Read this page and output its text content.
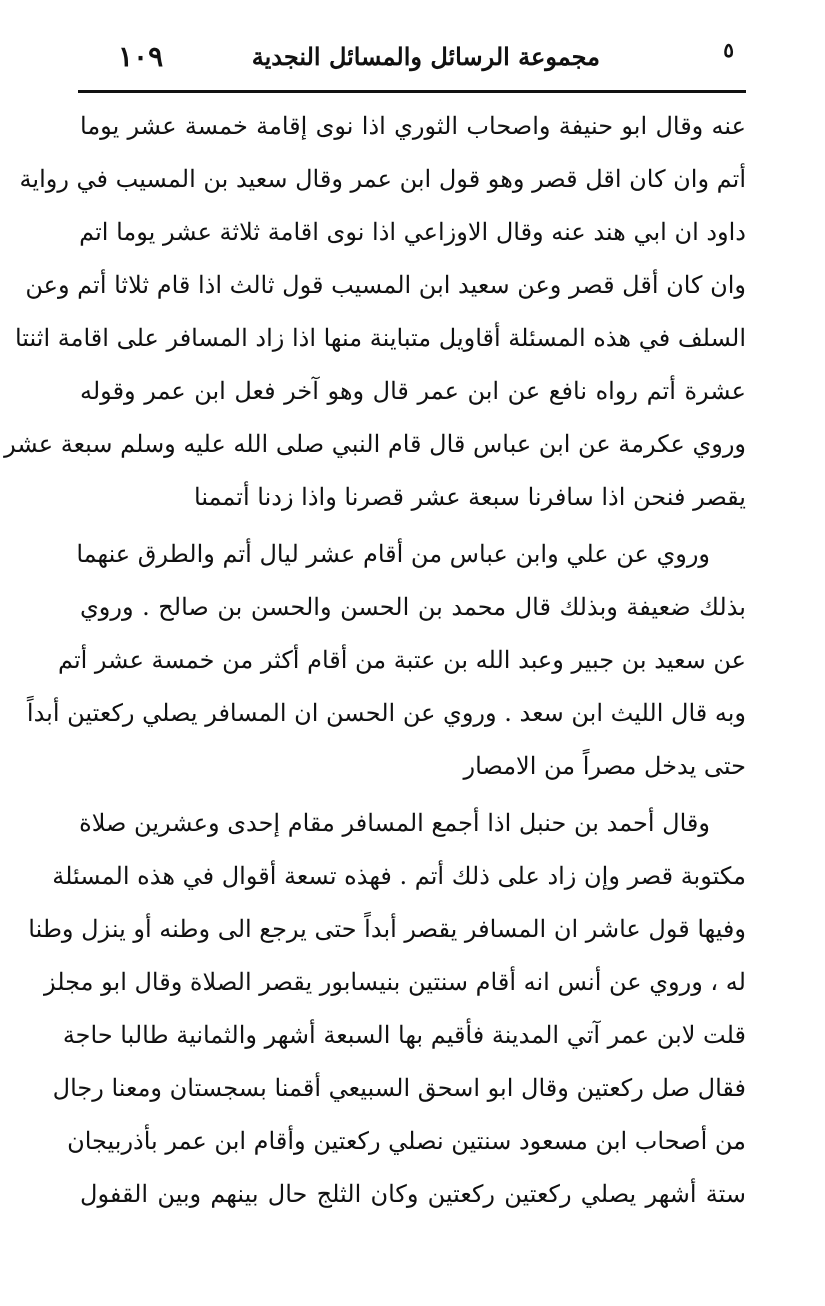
٥
مجموعة الرسائل والمسائل النجدية
١٠٩
عنه وقال ابو حنيفة واصحاب الثوري اذا نوى إقامة خمسة عشر يوما
أتم وان كان اقل قصر وهو قول ابن عمر وقال سعيد بن المسيب في رواية
داود ان ابي هند عنه وقال الاوزاعي اذا نوى اقامة ثلاثة عشر يوما اتم
وان كان أقل قصر وعن سعيد ابن المسيب قول ثالث اذا قام ثلاثا أتم وعن
السلف في هذه المسئلة أقاويل متباينة منها اذا زاد المسافر على اقامة اثنتا
عشرة أتم رواه نافع عن ابن عمر قال وهو آخر فعل ابن عمر وقوله
وروي عكرمة عن ابن عباس قال قام النبي صلى الله عليه وسلم سبعة عشر
يقصر فنحن اذا سافرنا سبعة عشر قصرنا واذا زدنا أتممنا
وروي عن علي وابن عباس من أقام عشر ليال أتم والطرق عنهما
بذلك ضعيفة وبذلك قال محمد بن الحسن والحسن بن صالح . وروي
عن سعيد بن جبير وعبد الله بن عتبة من أقام أكثر من خمسة عشر أتم
وبه قال الليث ابن سعد . وروي عن الحسن ان المسافر يصلي ركعتين أبداً
حتى يدخل مصراً من الامصار
وقال أحمد بن حنبل اذا أجمع المسافر مقام إحدى وعشرين صلاة
مكتوبة قصر وإن زاد على ذلك أتم . فهذه تسعة أقوال في هذه المسئلة
وفيها قول عاشر ان المسافر يقصر أبداً حتى يرجع الى وطنه أو ينزل وطنا
له ، وروي عن أنس انه أقام سنتين بنيسابور يقصر الصلاة وقال ابو مجلز
قلت لابن عمر آتي المدينة فأقيم بها السبعة أشهر والثمانية طالبا حاجة
فقال صل ركعتين وقال ابو اسحق السبيعي أقمنا بسجستان ومعنا رجال
من أصحاب ابن مسعود سنتين نصلي ركعتين وأقام ابن عمر بأذربيجان
ستة أشهر يصلي ركعتين ركعتين وكان الثلج حال بينهم وبين القفول
